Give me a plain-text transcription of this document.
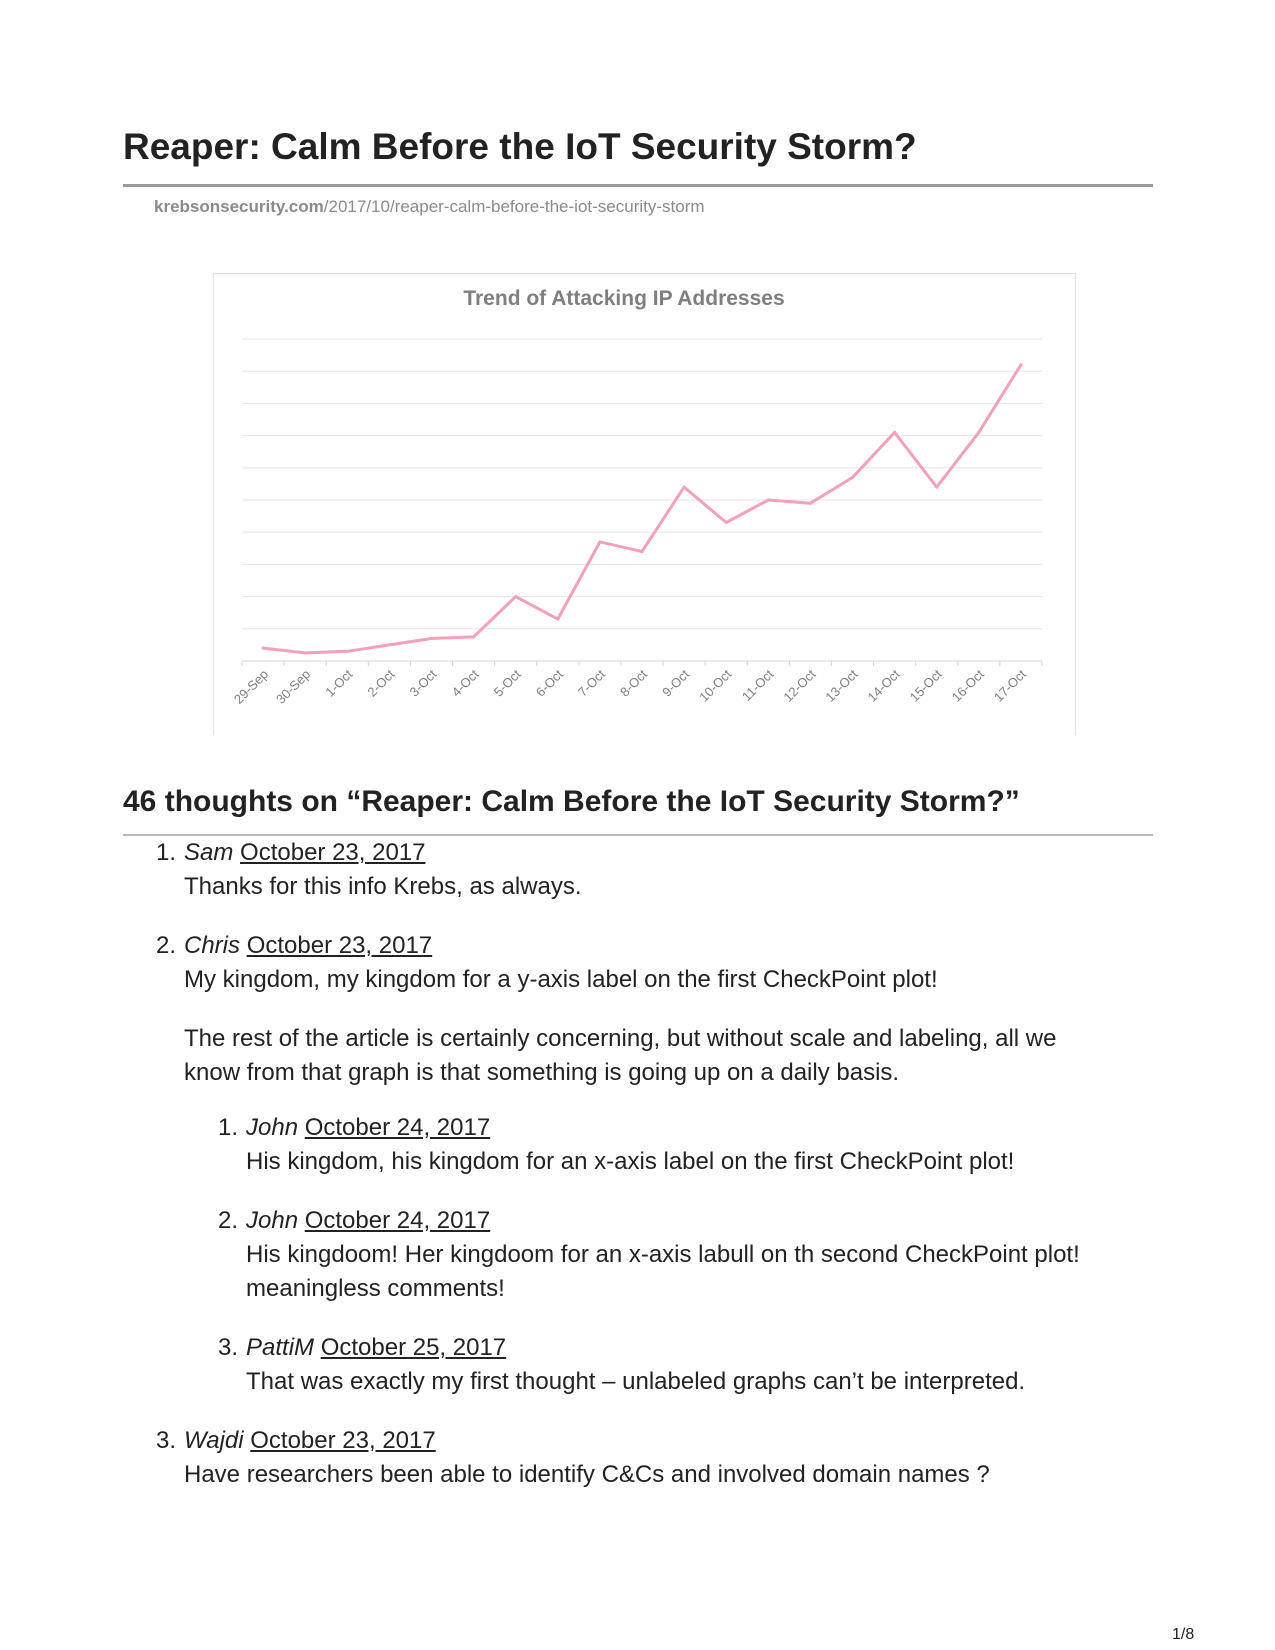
Reaper: Calm Before the IoT Security Storm?
krebsonsecurity.com/2017/10/reaper-calm-before-the-iot-security-storm
Trend of Attacking IP Addresses
29-Sep 30-Sep 1-Oct 2-Oct 3-Oct 4-Oct 5-Oct 6-Oct 7-Oct 8-Oct 9-Oct 10-Oct 11-Oct 12-Oct 13-Oct 14-Oct 15-Oct 16-Oct 17-Oct
46 thoughts on “Reaper: Calm Before the IoT Security Storm?”
1. Sam October 23, 2017

Thanks for this info Krebs, as always.

2. Chris October 23, 2017

My kingdom, my kingdom for a y-axis label on the first CheckPoint plot!

The rest of the article is certainly concerning, but without scale and labeling, all we know from that graph is that something is going up on a daily basis.

1. John October 24, 2017

His kingdom, his kingdom for an x-axis label on the first CheckPoint plot!

2. John October 24, 2017

His kingdoom! Her kingdoom for an x-axis labull on th second CheckPoint plot! meaningless comments!

3. PattiM October 25, 2017

That was exactly my first thought – unlabeled graphs can’t be interpreted.

3. Wajdi October 23, 2017

Have researchers been able to identify C&Cs and involved domain names ?

1/8
